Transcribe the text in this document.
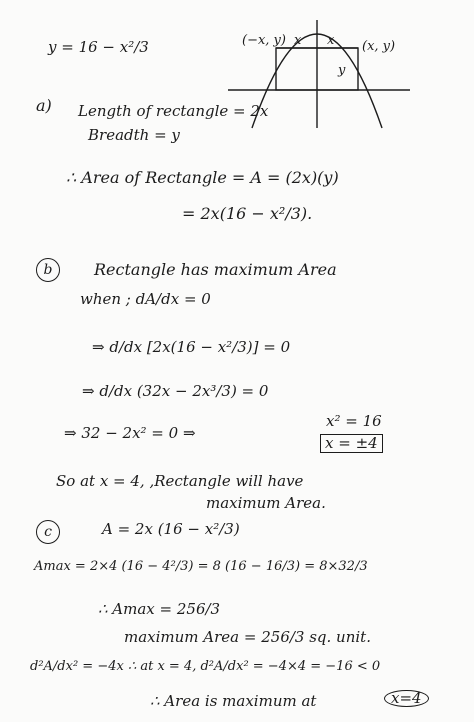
y = 16 − x²/3	(−x, y) x x (x, y)
y
a) Length of rectangle = 2x
Breadth = y
∴ Area of Rectangle = A = (2x)(y)
= 2x(16 − x²/3).
b	Rectangle has maximum Area
when ; dA/dx = 0
⇒ d/dx [2x(16 − x²/3)] = 0
⇒ d/dx (32x − 2x³/3) = 0
⇒ 32 − 2x² = 0 ⇒
x² = 16
x = ±4
So at x = 4, ,Rectangle will have
maximum Area.
c	A = 2x (16 − x²/3)
Amax = 2×4 (16 − 4²/3) = 8 (16 − 16/3) = 8×32/3
∴ Amax = 256/3
maximum Area = 256/3 sq. unit.
d²A/dx² = −4x ∴ at x = 4, d²A/dx² = −4×4 = −16 < 0
∴ Area is maximum at	x=4
